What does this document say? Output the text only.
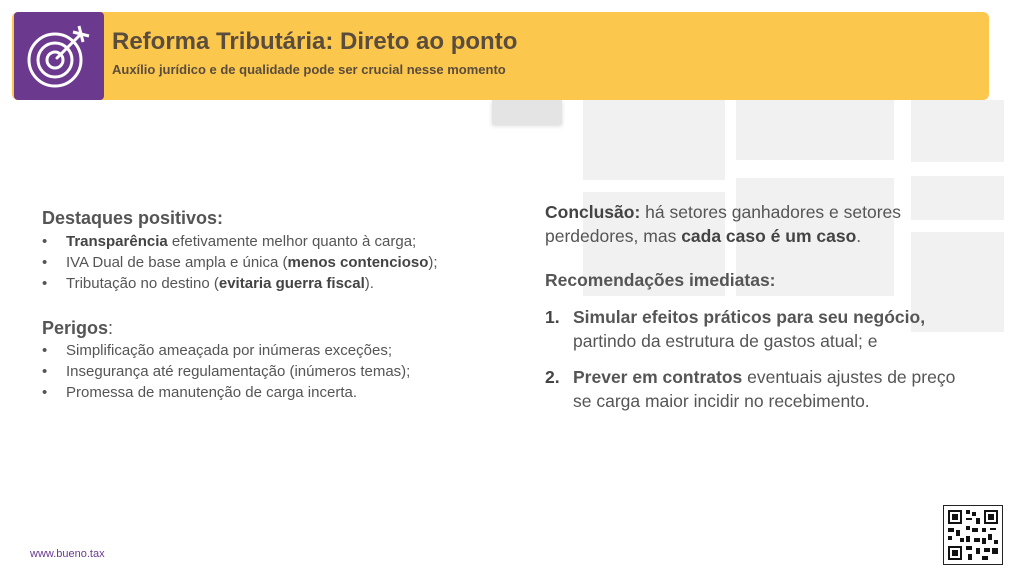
Reforma Tributária: Direto ao ponto
Auxílio jurídico e de qualidade pode ser crucial nesse momento
Destaques positivos:
• Transparência efetivamente melhor quanto à carga;
• IVA Dual de base ampla e única (menos contencioso);
• Tributação no destino (evitaria guerra fiscal).
Perigos:
• Simplificação ameaçada por inúmeras exceções;
• Insegurança até regulamentação (inúmeros temas);
• Promessa de manutenção de carga incerta.
Conclusão: há setores ganhadores e setores
perdedores, mas cada caso é um caso.
Recomendações imediatas:
1. Simular efeitos práticos para seu negócio,
partindo da estrutura de gastos atual; e
2. Prever em contratos eventuais ajustes de preço
se carga maior incidir no recebimento.
www.bueno.tax
